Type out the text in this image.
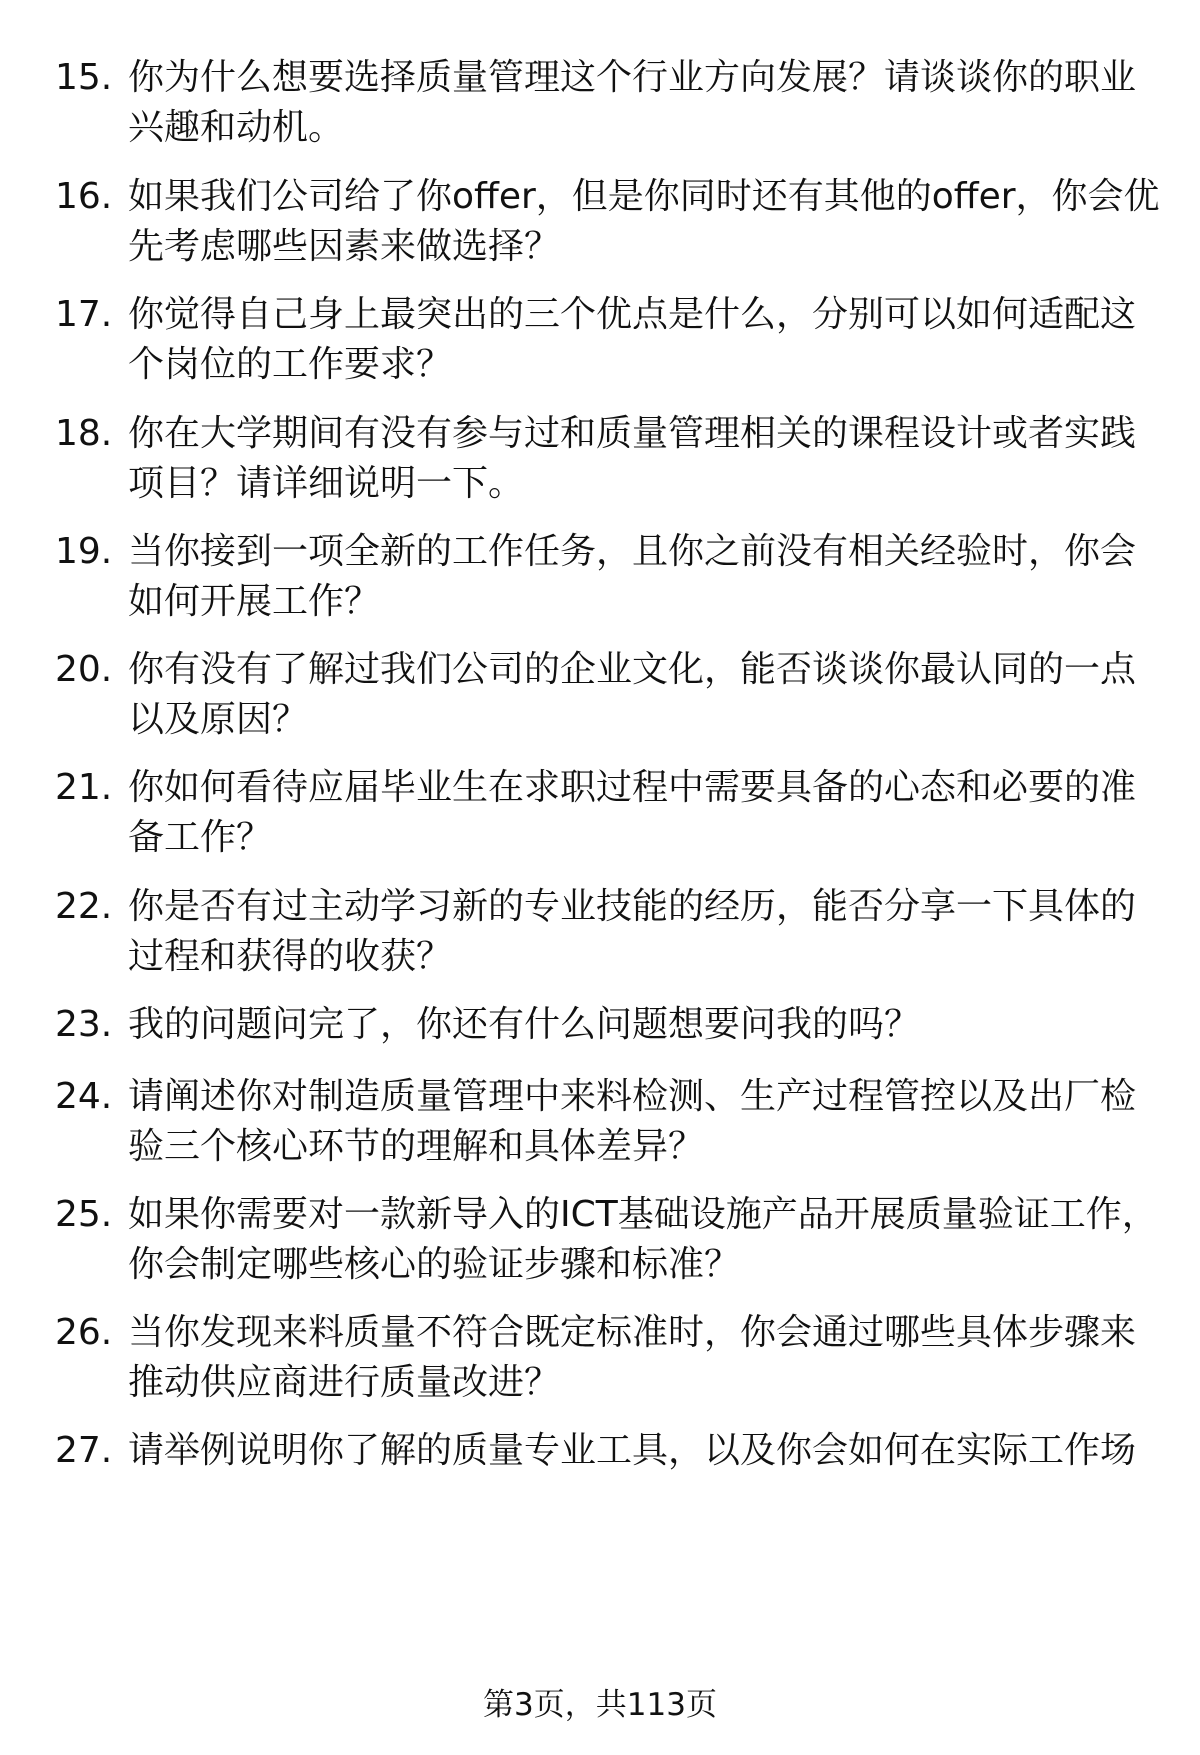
15. 你为什么想要选择质量管理这个行业方向发展？请谈谈你的职业兴趣和动机。
16. 如果我们公司给了你offer，但是你同时还有其他的offer，你会优先考虑哪些因素来做选择？
17. 你觉得自己身上最突出的三个优点是什么，分别可以如何适配这个岗位的工作要求？
18. 你在大学期间有没有参与过和质量管理相关的课程设计或者实践项目？请详细说明一下。
19. 当你接到一项全新的工作任务，且你之前没有相关经验时，你会如何开展工作？
20. 你有没有了解过我们公司的企业文化，能否谈谈你最认同的一点以及原因？
21. 你如何看待应届毕业生在求职过程中需要具备的心态和必要的准备工作？
22. 你是否有过主动学习新的专业技能的经历，能否分享一下具体的过程和获得的收获？
23. 我的问题问完了，你还有什么问题想要问我的吗？
24. 请阐述你对制造质量管理中来料检测、生产过程管控以及出厂检验三个核心环节的理解和具体差异？
25. 如果你需要对一款新导入的ICT基础设施产品开展质量验证工作，你会制定哪些核心的验证步骤和标准？
26. 当你发现来料质量不符合既定标准时，你会通过哪些具体步骤来推动供应商进行质量改进？
27. 请举例说明你了解的质量专业工具，以及你会如何在实际工作场
第3页，共113页
